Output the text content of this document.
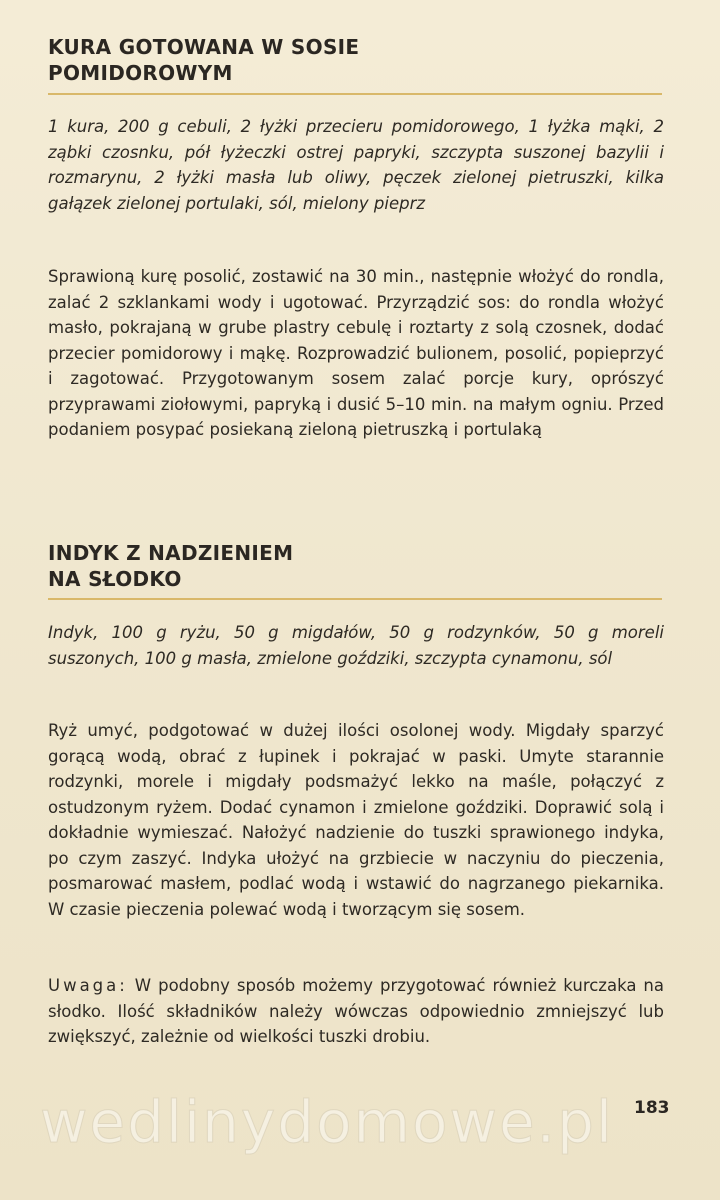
KURA GOTOWANA W SOSIE
POMIDOROWYM

1 kura, 200 g cebuli, 2 łyżki przecieru pomidorowego, 1 łyżka mąki, 2 ząbki czosnku, pół łyżeczki ostrej papryki, szczypta suszonej bazylii i rozmarynu, 2 łyżki masła lub oliwy, pęczek zielonej pietruszki, kilka gałązek zielonej portulaki, sól, mielony pieprz

Sprawioną kurę posolić, zostawić na 30 min., następnie włożyć do rondla, zalać 2 szklankami wody i ugotować. Przyrządzić sos: do rondla włożyć masło, pokrajaną w grube plastry cebulę i roztarty z solą czosnek, dodać przecier pomidorowy i mąkę. Rozprowadzić bulionem, posolić, popieprzyć i zagotować. Przygotowanym sosem zalać porcje kury, oprószyć przyprawami ziołowymi, papryką i dusić 5–10 min. na małym ogniu. Przed podaniem posypać posiekaną zieloną pietruszką i portulaką

INDYK Z NADZIENIEM
NA SŁODKO

Indyk, 100 g ryżu, 50 g migdałów, 50 g rodzynków, 50 g moreli suszonych, 100 g masła, zmielone goździki, szczypta cynamonu, sól

Ryż umyć, podgotować w dużej ilości osolonej wody. Migdały sparzyć gorącą wodą, obrać z łupinek i pokrajać w paski. Umyte starannie rodzynki, morele i migdały podsmażyć lekko na maśle, połączyć z ostudzonym ryżem. Dodać cynamon i zmielone goździki. Doprawić solą i dokładnie wymieszać. Nałożyć nadzienie do tuszki sprawionego indyka, po czym zaszyć. Indyka ułożyć na grzbiecie w naczyniu do pieczenia, posmarować masłem, podlać wodą i wstawić do nagrzanego piekarnika. W czasie pieczenia polewać wodą i tworzącym się sosem.

Uwaga: W podobny sposób możemy przygotować również kurczaka na słodko. Ilość składników należy wówczas odpowiednio zmniejszyć lub zwiększyć, zależnie od wielkości tuszki drobiu.

wedlinydomowe.pl 183
